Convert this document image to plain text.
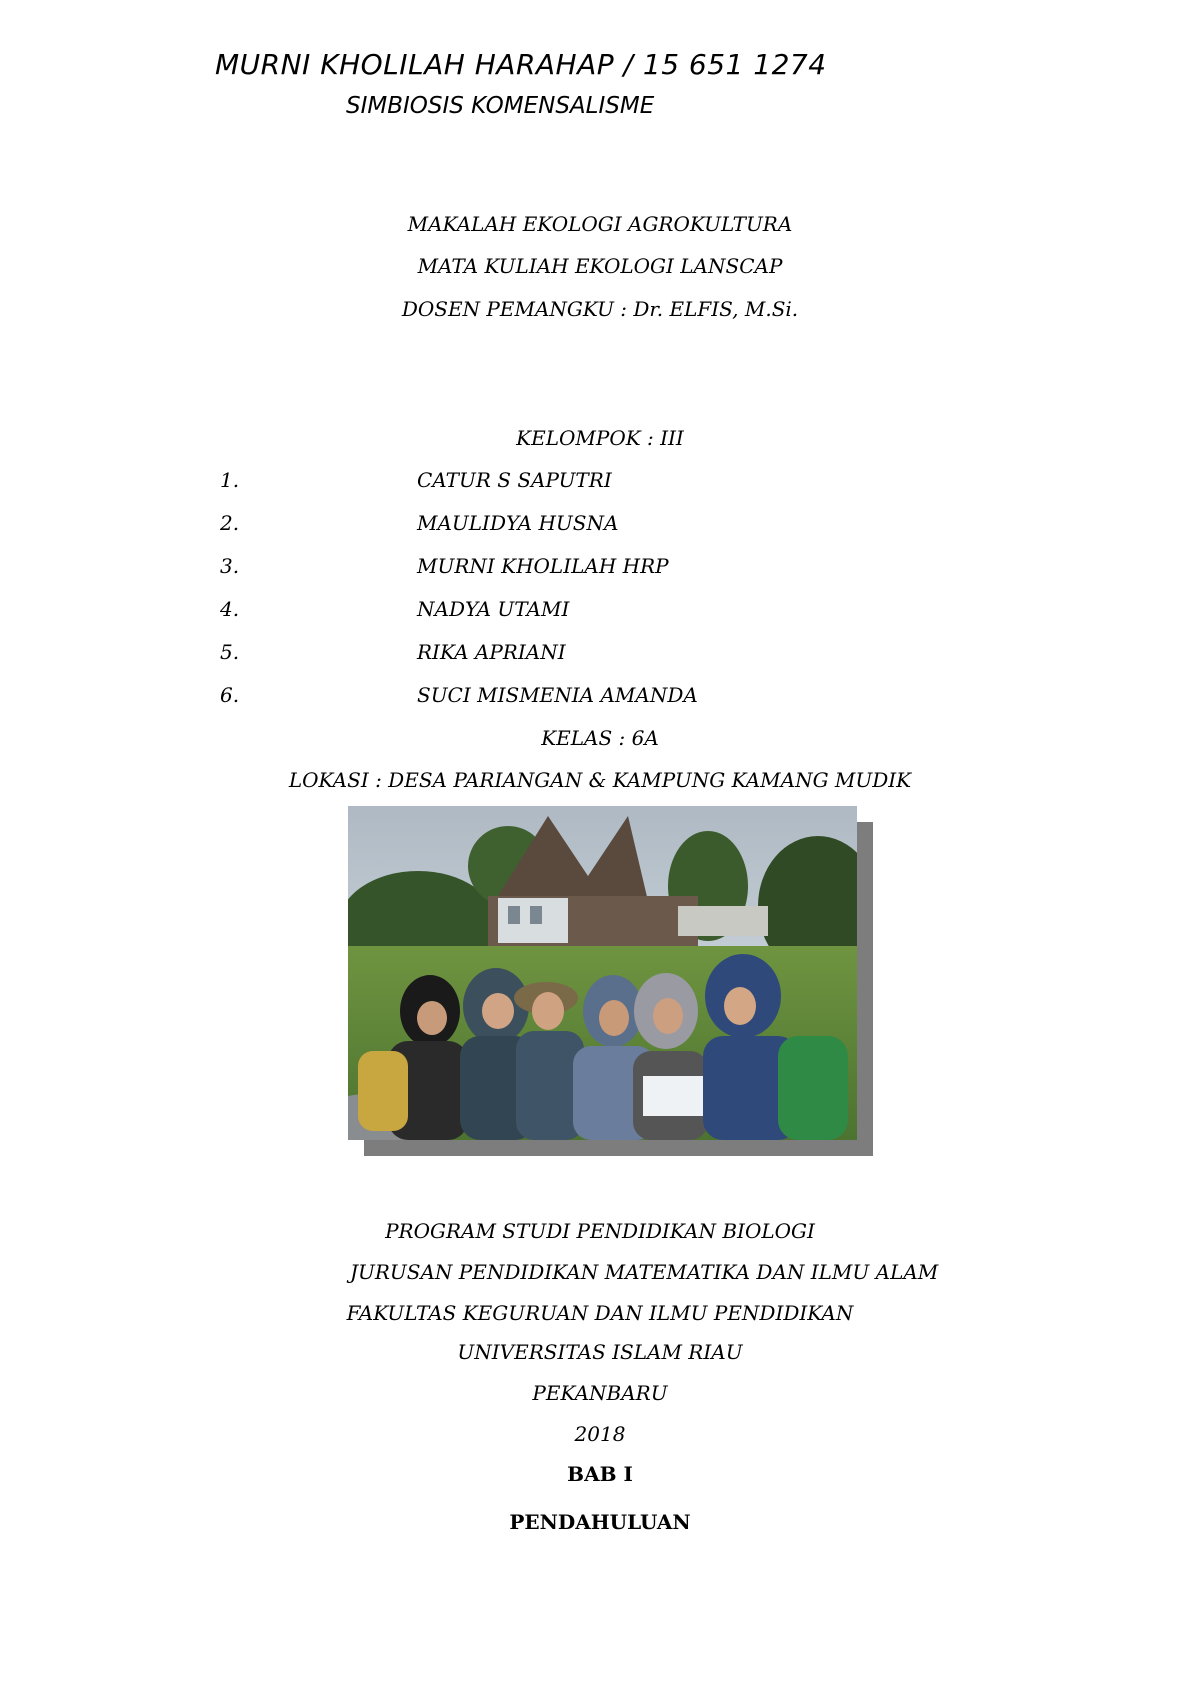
MURNI KHOLILAH HARAHAP / 15 651 1274
SIMBIOSIS KOMENSALISME
MAKALAH EKOLOGI AGROKULTURA
MATA KULIAH EKOLOGI LANSCAP
DOSEN PEMANGKU : Dr. ELFIS, M.Si.
KELOMPOK : III
1.	CATUR S SAPUTRI
2.	MAULIDYA HUSNA
3.	MURNI KHOLILAH HRP
4.	NADYA UTAMI
5.	RIKA APRIANI
6.	SUCI MISMENIA AMANDA
KELAS : 6A
LOKASI : DESA PARIANGAN & KAMPUNG KAMANG MUDIK
PROGRAM STUDI PENDIDIKAN BIOLOGI
JURUSAN PENDIDIKAN MATEMATIKA DAN ILMU ALAM
FAKULTAS KEGURUAN DAN ILMU PENDIDIKAN
UNIVERSITAS ISLAM RIAU
PEKANBARU
2018
BAB I
PENDAHULUAN
